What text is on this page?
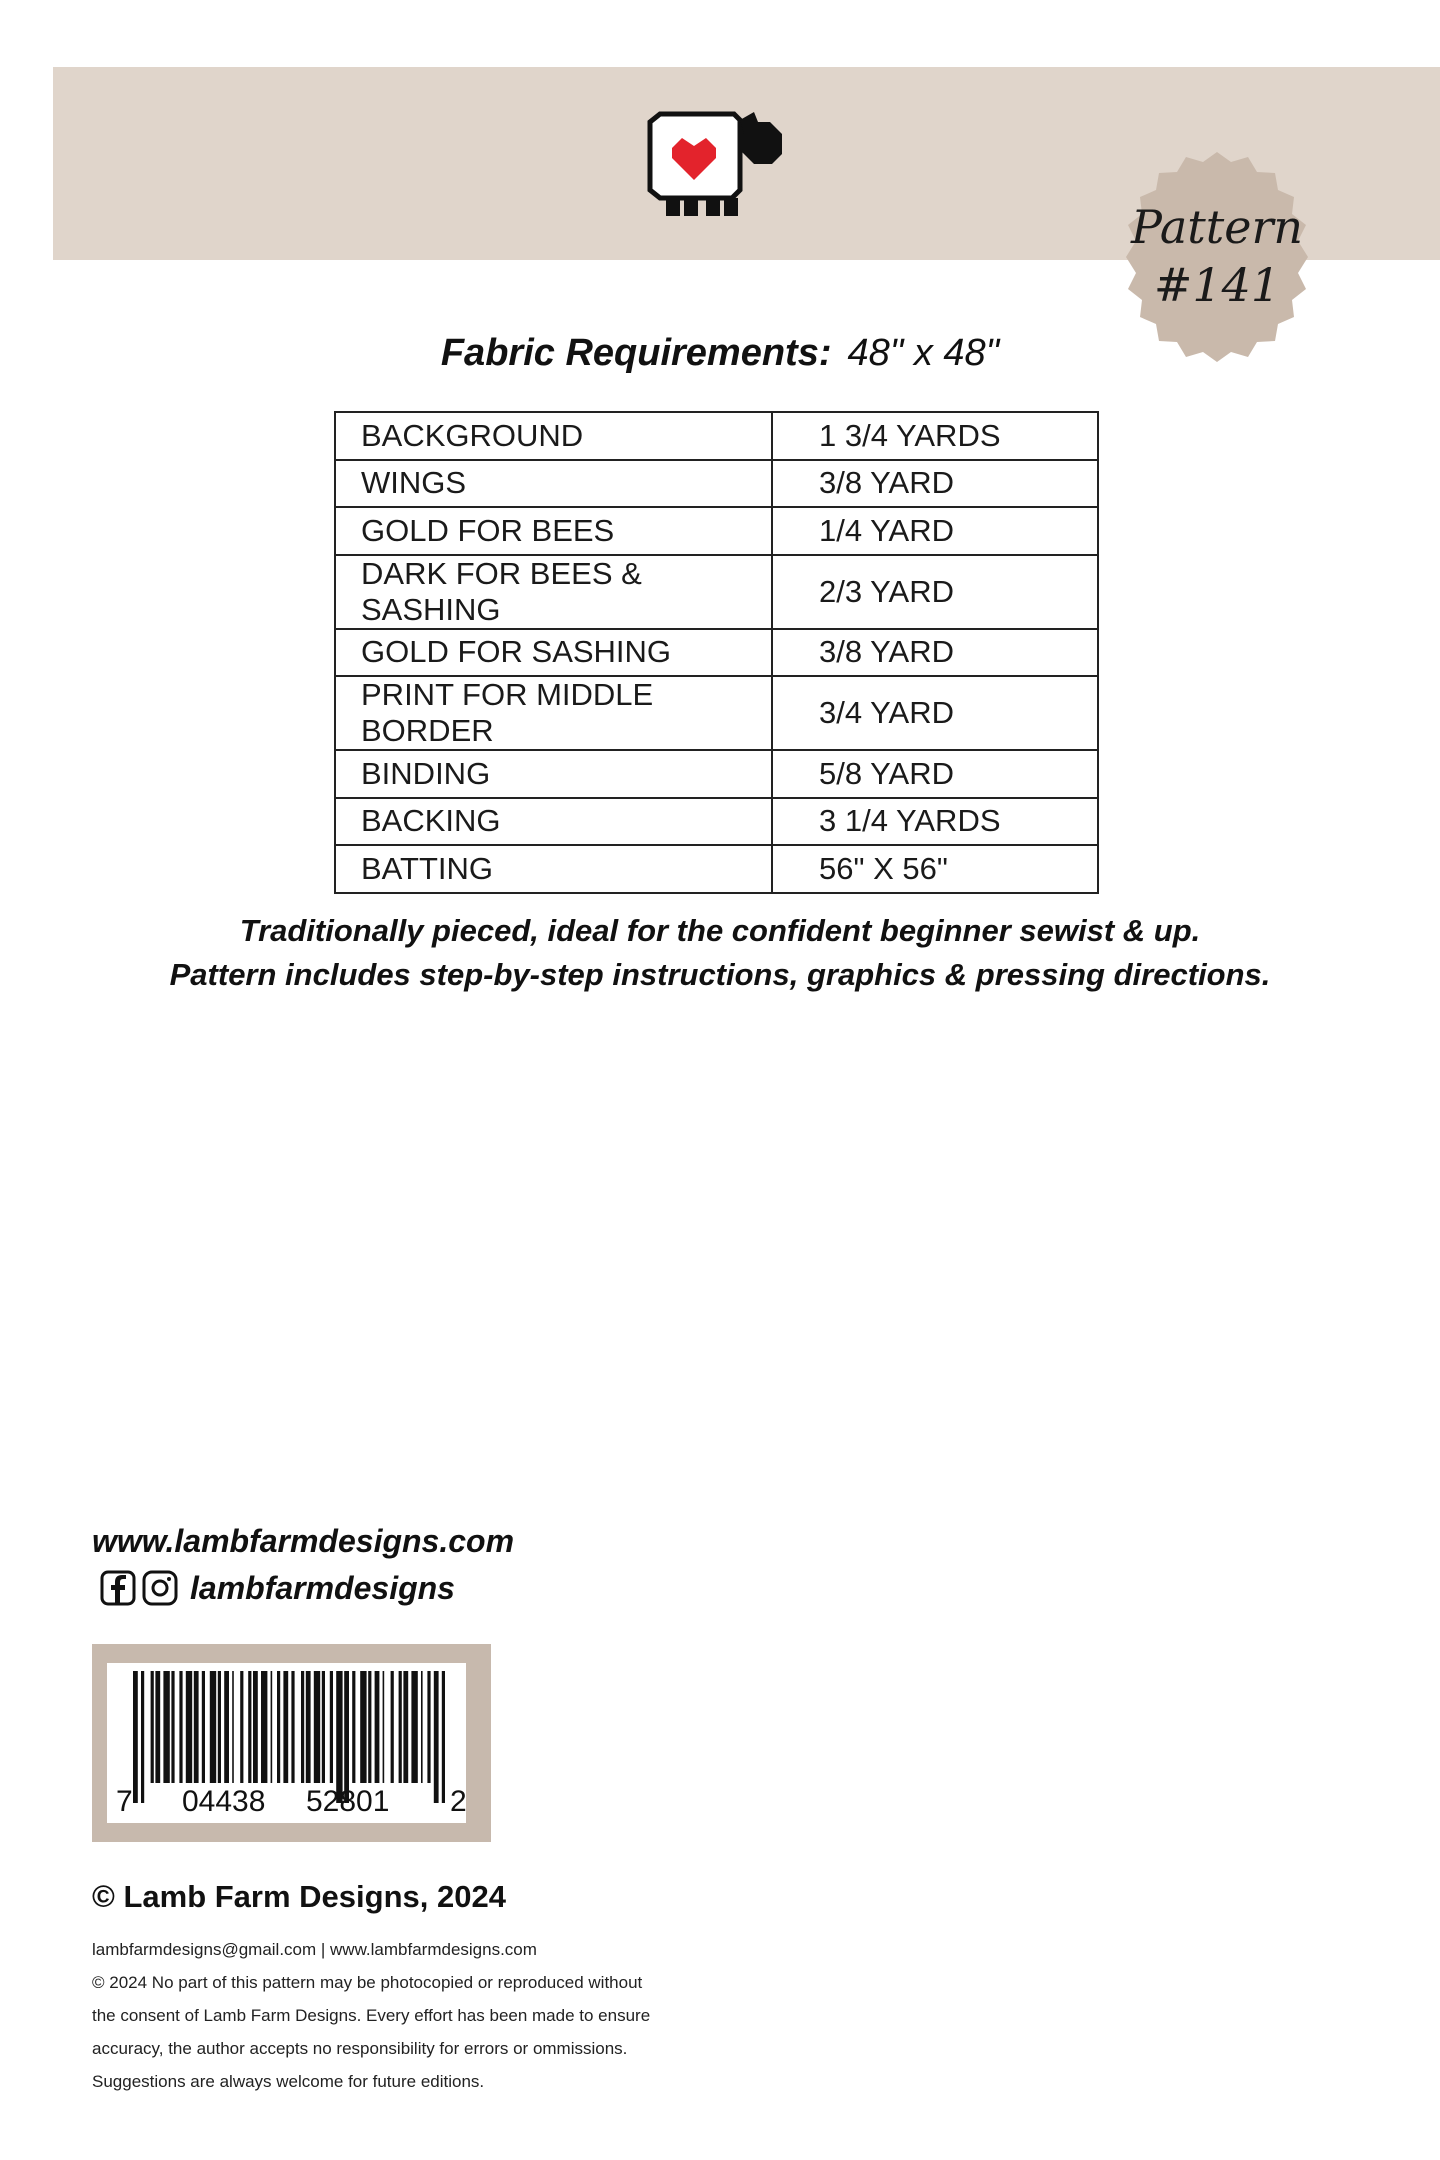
Pattern
#141
Fabric Requirements: 48" x 48"
BACKGROUND	1 3/4 YARDS
WINGS	3/8 YARD
GOLD FOR BEES	1/4 YARD
DARK FOR BEES & SASHING	2/3 YARD
GOLD FOR SASHING	3/8 YARD
PRINT FOR MIDDLE BORDER	3/4 YARD
BINDING	5/8 YARD
BACKING	3 1/4 YARDS
BATTING	56" X 56"
Traditionally pieced, ideal for the confident beginner sewist & up.
Pattern includes step-by-step instructions, graphics & pressing directions.
www.lambfarmdesigns.com
lambfarmdesigns
7 04438 52801 2
© Lamb Farm Designs, 2024
lambfarmdesigns@gmail.com | www.lambfarmdesigns.com
© 2024 No part of this pattern may be photocopied or reproduced without
the consent of Lamb Farm Designs. Every effort has been made to ensure
accuracy, the author accepts no responsibility for errors or ommissions.
Suggestions are always welcome for future editions.
